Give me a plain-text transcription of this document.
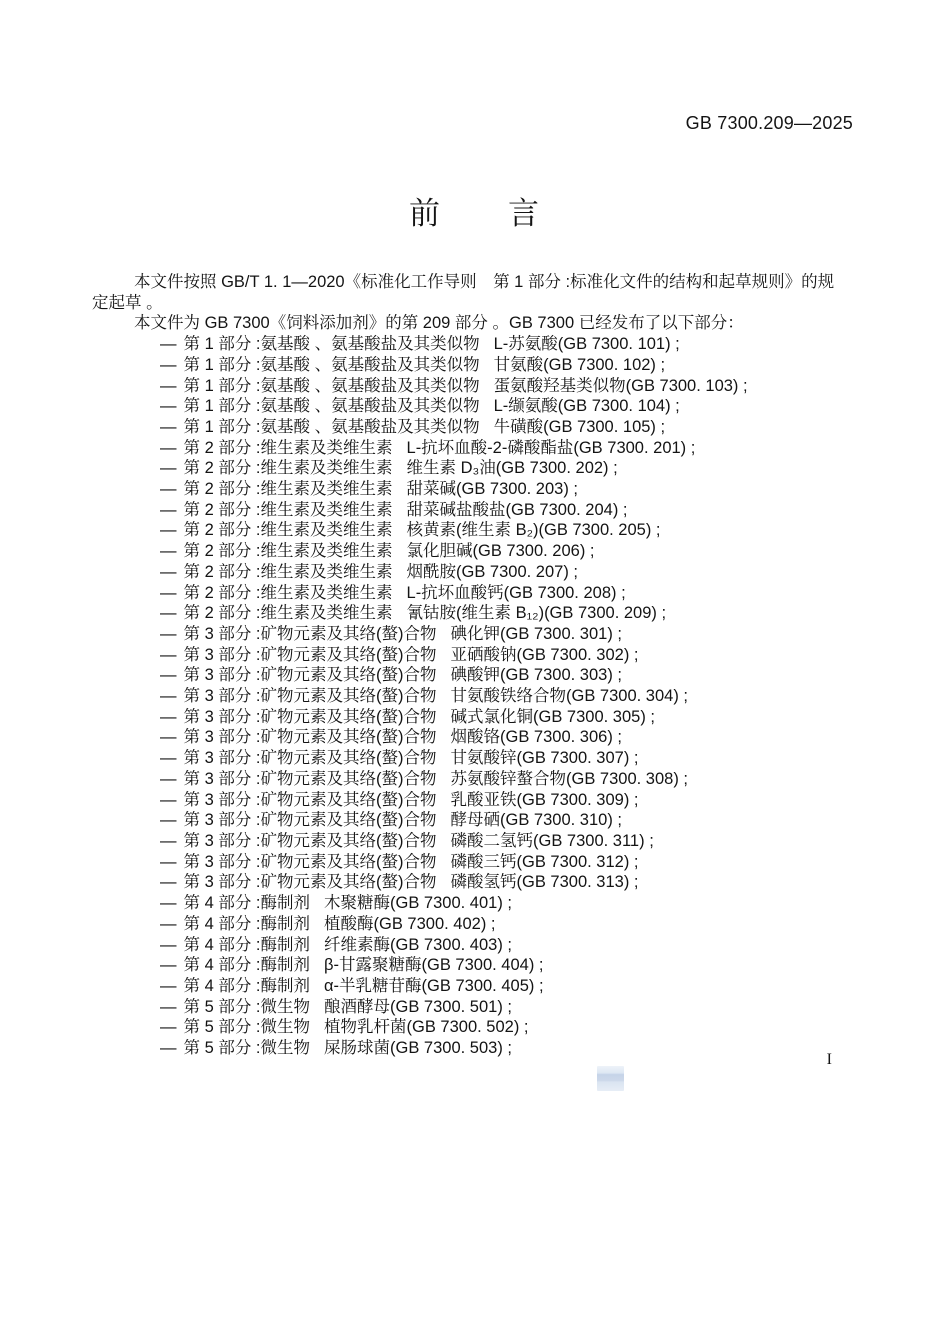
GB 7300.209—2025
前　　言
本文件按照 GB/T 1. 1—2020《标准化工作导则　第 1 部分 :标准化文件的结构和起草规则》的规
定起草 。
本文件为 GB 7300《饲料添加剂》的第 209 部分 。GB 7300 已经发布了以下部分：
— 第 1 部分 :氨基酸 、氨基酸盐及其类似物 L-苏氨酸(GB 7300. 101) ;
— 第 1 部分 :氨基酸 、氨基酸盐及其类似物 甘氨酸(GB 7300. 102) ;
— 第 1 部分 :氨基酸 、氨基酸盐及其类似物 蛋氨酸羟基类似物(GB 7300. 103) ;
— 第 1 部分 :氨基酸 、氨基酸盐及其类似物 L-缬氨酸(GB 7300. 104) ;
— 第 1 部分 :氨基酸 、氨基酸盐及其类似物 牛磺酸(GB 7300. 105) ;
— 第 2 部分 :维生素及类维生素 L-抗坏血酸-2-磷酸酯盐(GB 7300. 201) ;
— 第 2 部分 :维生素及类维生素 维生素 D₃油(GB 7300. 202) ;
— 第 2 部分 :维生素及类维生素 甜菜碱(GB 7300. 203) ;
— 第 2 部分 :维生素及类维生素 甜菜碱盐酸盐(GB 7300. 204) ;
— 第 2 部分 :维生素及类维生素 核黄素(维生素 B₂)(GB 7300. 205) ;
— 第 2 部分 :维生素及类维生素 氯化胆碱(GB 7300. 206) ;
— 第 2 部分 :维生素及类维生素 烟酰胺(GB 7300. 207) ;
— 第 2 部分 :维生素及类维生素 L-抗坏血酸钙(GB 7300. 208) ;
— 第 2 部分 :维生素及类维生素 氰钴胺(维生素 B₁₂)(GB 7300. 209) ;
— 第 3 部分 :矿物元素及其络(螯)合物 碘化钾(GB 7300. 301) ;
— 第 3 部分 :矿物元素及其络(螯)合物 亚硒酸钠(GB 7300. 302) ;
— 第 3 部分 :矿物元素及其络(螯)合物 碘酸钾(GB 7300. 303) ;
— 第 3 部分 :矿物元素及其络(螯)合物 甘氨酸铁络合物(GB 7300. 304) ;
— 第 3 部分 :矿物元素及其络(螯)合物 碱式氯化铜(GB 7300. 305) ;
— 第 3 部分 :矿物元素及其络(螯)合物 烟酸铬(GB 7300. 306) ;
— 第 3 部分 :矿物元素及其络(螯)合物 甘氨酸锌(GB 7300. 307) ;
— 第 3 部分 :矿物元素及其络(螯)合物 苏氨酸锌螯合物(GB 7300. 308) ;
— 第 3 部分 :矿物元素及其络(螯)合物 乳酸亚铁(GB 7300. 309) ;
— 第 3 部分 :矿物元素及其络(螯)合物 酵母硒(GB 7300. 310) ;
— 第 3 部分 :矿物元素及其络(螯)合物 磷酸二氢钙(GB 7300. 311) ;
— 第 3 部分 :矿物元素及其络(螯)合物 磷酸三钙(GB 7300. 312) ;
— 第 3 部分 :矿物元素及其络(螯)合物 磷酸氢钙(GB 7300. 313) ;
— 第 4 部分 :酶制剂 木聚糖酶(GB 7300. 401) ;
— 第 4 部分 :酶制剂 植酸酶(GB 7300. 402) ;
— 第 4 部分 :酶制剂 纤维素酶(GB 7300. 403) ;
— 第 4 部分 :酶制剂 β-甘露聚糖酶(GB 7300. 404) ;
— 第 4 部分 :酶制剂 α-半乳糖苷酶(GB 7300. 405) ;
— 第 5 部分 :微生物 酿酒酵母(GB 7300. 501) ;
— 第 5 部分 :微生物 植物乳杆菌(GB 7300. 502) ;
— 第 5 部分 :微生物 屎肠球菌(GB 7300. 503) ;
I
